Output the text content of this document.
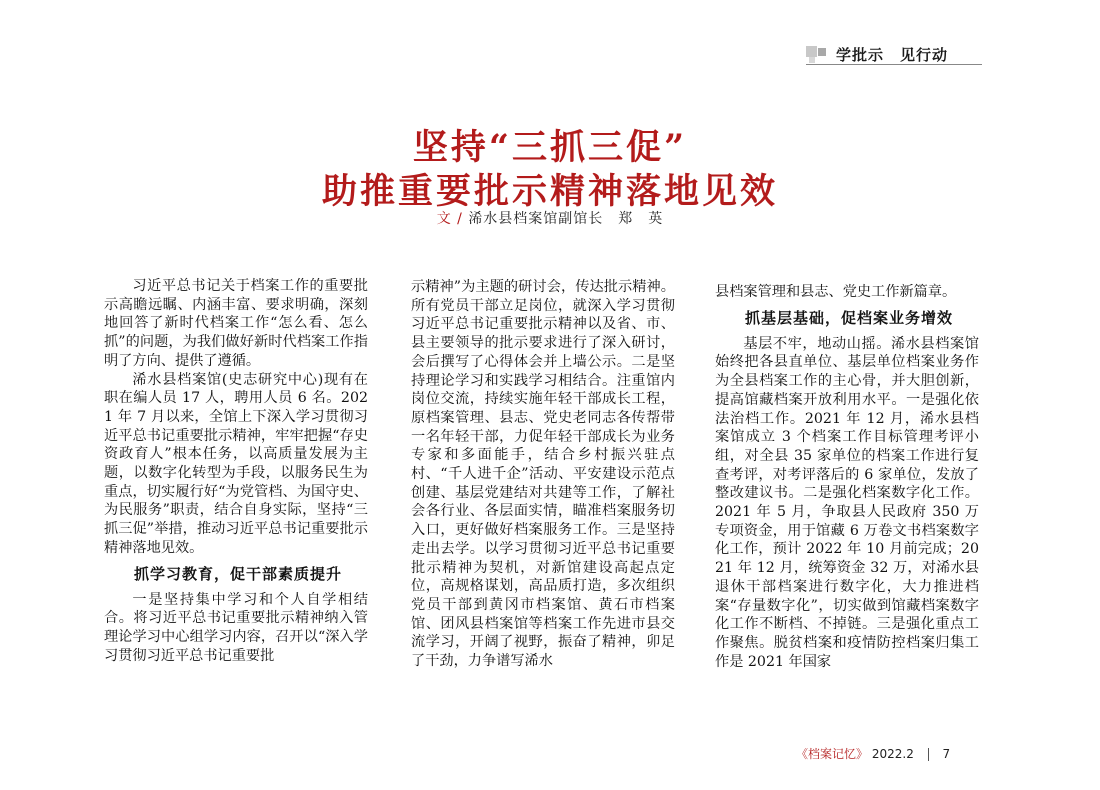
学批示　见行动
坚持“三抓三促”
助推重要批示精神落地见效
文 / 浠水县档案馆副馆长　郑　英

习近平总书记关于档案工作的重要批示高瞻远瞩、内涵丰富、要求明确，深刻地回答了新时代档案工作“怎么看、怎么抓”的问题，为我们做好新时代档案工作指明了方向、提供了遵循。

浠水县档案馆(史志研究中心)现有在职在编人员 17 人，聘用人员 6 名。2021 年 7 月以来，全馆上下深入学习贯彻习近平总书记重要批示精神，牢牢把握“存史资政育人”根本任务，以高质量发展为主题，以数字化转型为手段，以服务民生为重点，切实履行好“为党管档、为国守史、为民服务”职责，结合自身实际，坚持“三抓三促”举措，推动习近平总书记重要批示精神落地见效。

抓学习教育，促干部素质提升

一是坚持集中学习和个人自学相结合。将习近平总书记重要批示精神纳入管理论学习中心组学习内容，召开以“深入学习贯彻习近平总书记重要批

示精神”为主题的研讨会，传达批示精神。所有党员干部立足岗位，就深入学习贯彻习近平总书记重要批示精神以及省、市、县主要领导的批示要求进行了深入研讨，会后撰写了心得体会并上墙公示。二是坚持理论学习和实践学习相结合。注重馆内岗位交流，持续实施年轻干部成长工程，原档案管理、县志、党史老同志各传帮带一名年轻干部，力促年轻干部成长为业务专家和多面能手，结合乡村振兴驻点村、“千人进千企”活动、平安建设示范点创建、基层党建结对共建等工作，了解社会各行业、各层面实情，瞄准档案服务切入口，更好做好档案服务工作。三是坚持走出去学。以学习贯彻习近平总书记重要批示精神为契机，对新馆建设高起点定位，高规格谋划，高品质打造，多次组织党员干部到黄冈市档案馆、黄石市档案馆、团风县档案馆等档案工作先进市县交流学习，开阔了视野，振奋了精神，卯足了干劲，力争谱写浠水

县档案管理和县志、党史工作新篇章。

抓基层基础，促档案业务增效

基层不牢，地动山摇。浠水县档案馆始终把各县直单位、基层单位档案业务作为全县档案工作的主心骨，并大胆创新，提高馆藏档案开放利用水平。一是强化依法治档工作。2021 年 12 月，浠水县档案馆成立 3 个档案工作目标管理考评小组，对全县 35 家单位的档案工作进行复查考评，对考评落后的 6 家单位，发放了整改建议书。二是强化档案数字化工作。2021 年 5 月，争取县人民政府 350 万专项资金，用于馆藏 6 万卷文书档案数字化工作，预计 2022 年 10 月前完成；2021 年 12 月，统筹资金 32 万，对浠水县退休干部档案进行数字化，大力推进档案“存量数字化”，切实做到馆藏档案数字化工作不断档、不掉链。三是强化重点工作聚焦。脱贫档案和疫情防控档案归集工作是 2021 年国家

《档案记忆》 2022.2 7
